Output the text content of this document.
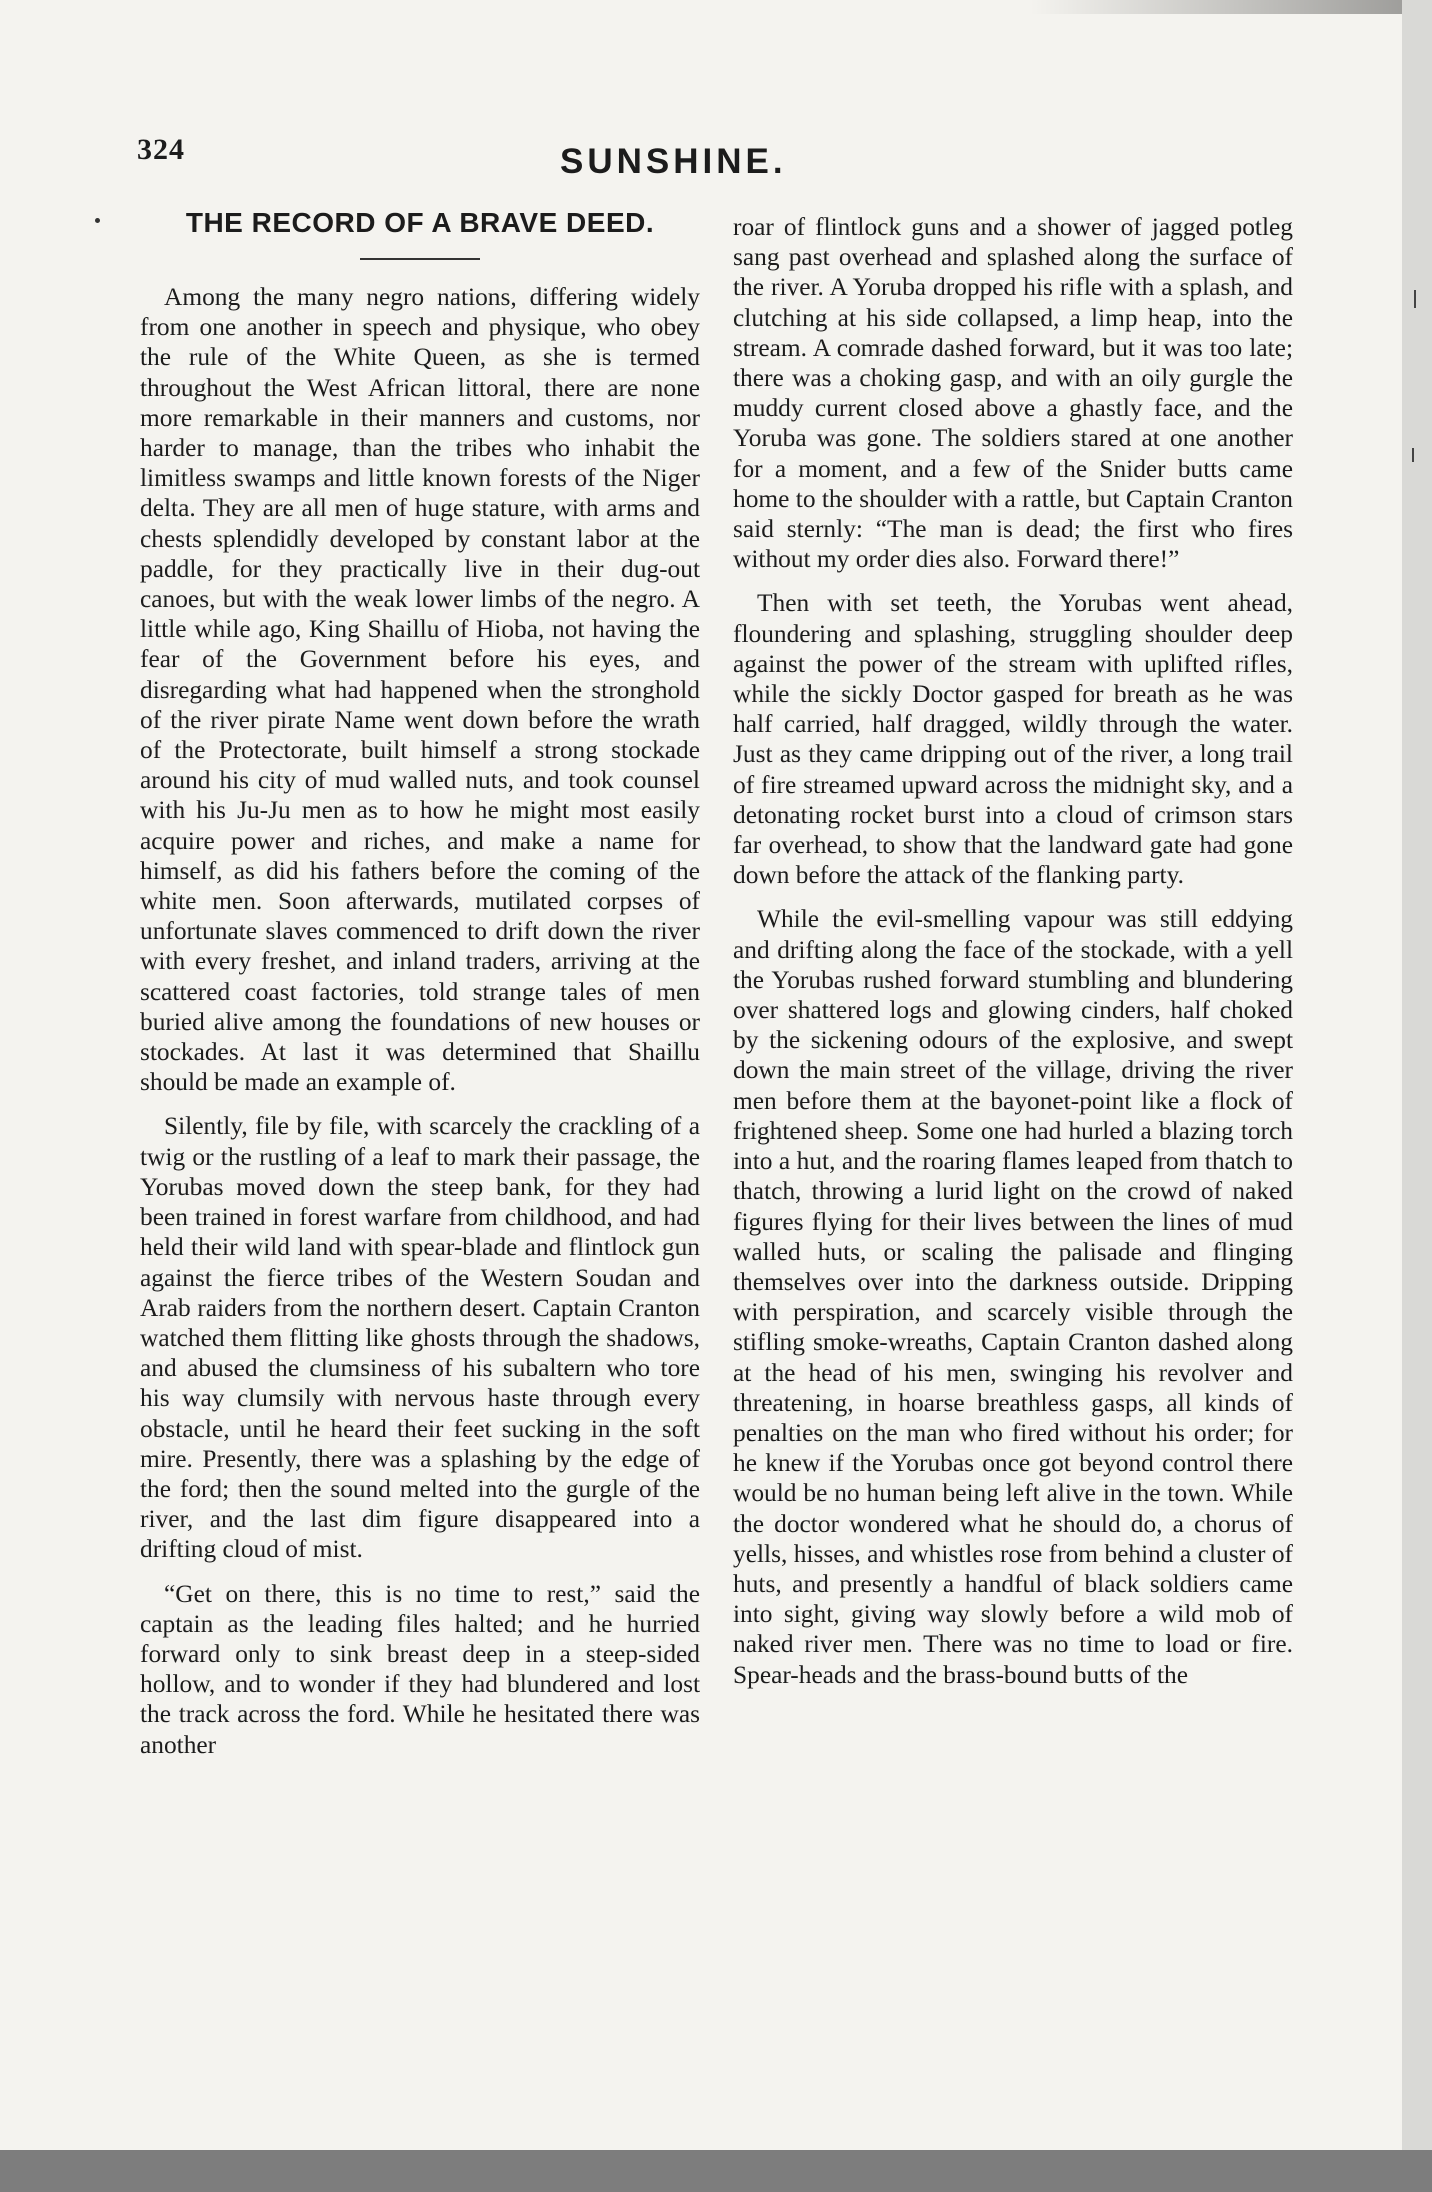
324	SUNSHINE.
THE RECORD OF A BRAVE DEED.

Among the many negro nations, differing widely from one another in speech and physique, who obey the rule of the White Queen, as she is termed throughout the West African littoral, there are none more remarkable in their manners and customs, nor harder to manage, than the tribes who inhabit the limitless swamps and little known forests of the Niger delta. They are all men of huge stature, with arms and chests splendidly developed by constant labor at the paddle, for they practically live in their dug-out canoes, but with the weak lower limbs of the negro. A little while ago, King Shaillu of Hioba, not having the fear of the Government before his eyes, and disregarding what had happened when the stronghold of the river pirate Name went down before the wrath of the Protectorate, built himself a strong stockade around his city of mud walled nuts, and took counsel with his Ju-Ju men as to how he might most easily acquire power and riches, and make a name for himself, as did his fathers before the coming of the white men. Soon afterwards, mutilated corpses of unfortunate slaves commenced to drift down the river with every freshet, and inland traders, arriving at the scattered coast factories, told strange tales of men buried alive among the foundations of new houses or stockades. At last it was determined that Shaillu should be made an example of.

Silently, file by file, with scarcely the crackling of a twig or the rustling of a leaf to mark their passage, the Yorubas moved down the steep bank, for they had been trained in forest warfare from childhood, and had held their wild land with spear-blade and flintlock gun against the fierce tribes of the Western Soudan and Arab raiders from the northern desert. Captain Cranton watched them flitting like ghosts through the shadows, and abused the clumsiness of his subaltern who tore his way clumsily with nervous haste through every obstacle, until he heard their feet sucking in the soft mire. Presently, there was a splashing by the edge of the ford; then the sound melted into the gurgle of the river, and the last dim figure disappeared into a drifting cloud of mist.

“Get on there, this is no time to rest,” said the captain as the leading files halted; and he hurried forward only to sink breast deep in a steep-sided hollow, and to wonder if they had blundered and lost the track across the ford. While he hesitated there was another

roar of flintlock guns and a shower of jagged potleg sang past overhead and splashed along the surface of the river. A Yoruba dropped his rifle with a splash, and clutching at his side collapsed, a limp heap, into the stream. A comrade dashed forward, but it was too late; there was a choking gasp, and with an oily gurgle the muddy current closed above a ghastly face, and the Yoruba was gone. The soldiers stared at one another for a moment, and a few of the Snider butts came home to the shoulder with a rattle, but Captain Cranton said sternly: “The man is dead; the first who fires without my order dies also. Forward there!”

Then with set teeth, the Yorubas went ahead, floundering and splashing, struggling shoulder deep against the power of the stream with uplifted rifles, while the sickly Doctor gasped for breath as he was half carried, half dragged, wildly through the water. Just as they came dripping out of the river, a long trail of fire streamed upward across the midnight sky, and a detonating rocket burst into a cloud of crimson stars far overhead, to show that the landward gate had gone down before the attack of the flanking party.

While the evil-smelling vapour was still eddying and drifting along the face of the stockade, with a yell the Yorubas rushed forward stumbling and blundering over shattered logs and glowing cinders, half choked by the sickening odours of the explosive, and swept down the main street of the village, driving the river men before them at the bayonet-point like a flock of frightened sheep. Some one had hurled a blazing torch into a hut, and the roaring flames leaped from thatch to thatch, throwing a lurid light on the crowd of naked figures flying for their lives between the lines of mud walled huts, or scaling the palisade and flinging themselves over into the darkness outside. Dripping with perspiration, and scarcely visible through the stifling smoke-wreaths, Captain Cranton dashed along at the head of his men, swinging his revolver and threatening, in hoarse breathless gasps, all kinds of penalties on the man who fired without his order; for he knew if the Yorubas once got beyond control there would be no human being left alive in the town. While the doctor wondered what he should do, a chorus of yells, hisses, and whistles rose from behind a cluster of huts, and presently a handful of black soldiers came into sight, giving way slowly before a wild mob of naked river men. There was no time to load or fire. Spear-heads and the brass-bound butts of the
